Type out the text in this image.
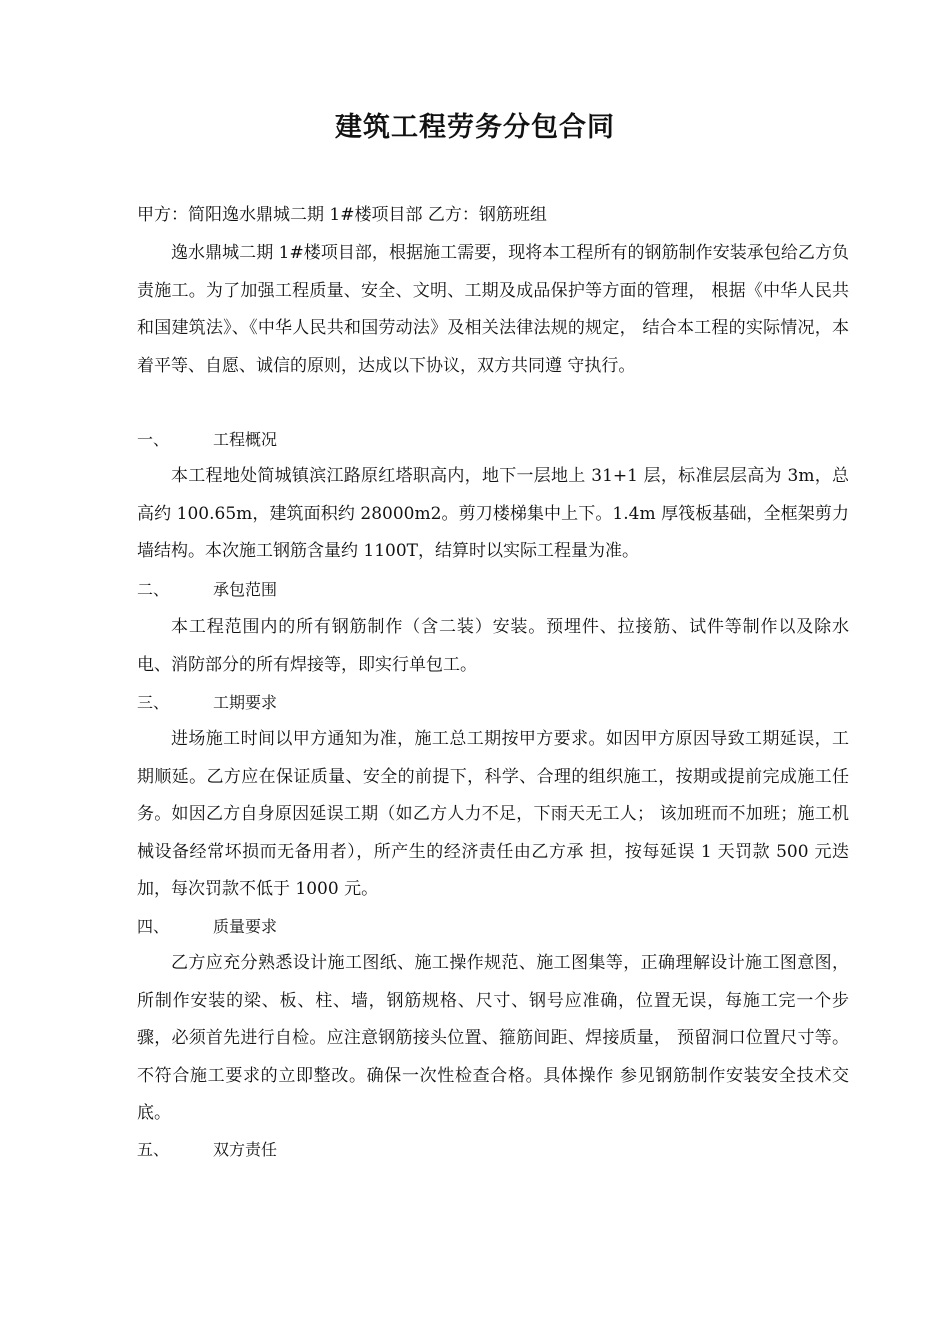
建筑工程劳务分包合同
甲方：简阳逸水鼎城二期 1#楼项目部 乙方：钢筋班组

逸水鼎城二期 1#楼项目部，根据施工需要，现将本工程所有的钢筋制作安装承包给乙方负责施工。为了加强工程质量、安全、文明、工期及成品保护等方面的管理， 根据《中华人民共和国建筑法》、《中华人民共和国劳动法》及相关法律法规的规定， 结合本工程的实际情况，本着平等、自愿、诚信的原则，达成以下协议，双方共同遵 守执行。

一、	工程概况

本工程地处简城镇滨江路原红塔职高内，地下一层地上 31+1 层，标准层层高为 3m，总高约 100.65m，建筑面积约 28000m2。剪刀楼梯集中上下。1.4m 厚筏板基础，全框架剪力墙结构。本次施工钢筋含量约 1100T，结算时以实际工程量为准。

二、	承包范围

本工程范围内的所有钢筋制作（含二装）安装。预埋件、拉接筋、试件等制作以及除水电、消防部分的所有焊接等，即实行单包工。

三、	工期要求

进场施工时间以甲方通知为准，施工总工期按甲方要求。如因甲方原因导致工期延误，工期顺延。乙方应在保证质量、安全的前提下，科学、合理的组织施工，按期或提前完成施工任务。如因乙方自身原因延误工期（如乙方人力不足，下雨天无工人； 该加班而不加班；施工机械设备经常坏损而无备用者），所产生的经济责任由乙方承 担，按每延误 1 天罚款 500 元迭加，每次罚款不低于 1000 元。

四、	质量要求

乙方应充分熟悉设计施工图纸、施工操作规范、施工图集等，正确理解设计施工图意图，所制作安装的梁、板、柱、墙，钢筋规格、尺寸、钢号应准确，位置无误，每施工完一个步骤，必须首先进行自检。应注意钢筋接头位置、箍筋间距、焊接质量， 预留洞口位置尺寸等。不符合施工要求的立即整改。确保一次性检查合格。具体操作 参见钢筋制作安装安全技术交底。

五、	双方责任
